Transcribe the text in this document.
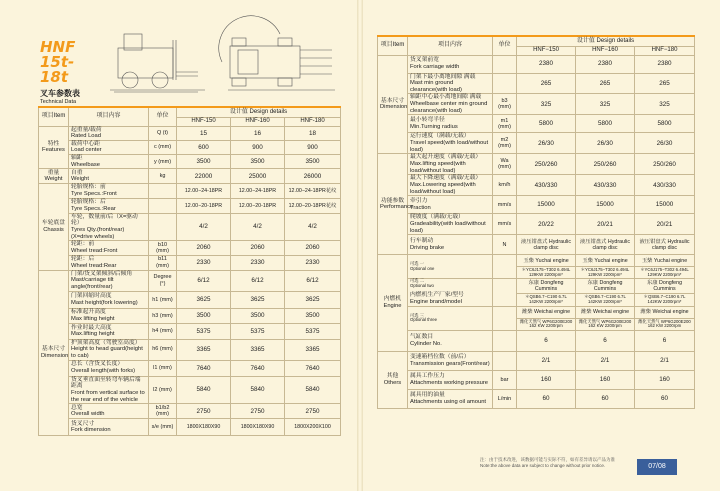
HNF
15t-18t
叉车参数表
Technical Data
项目Item	项目内容	单位	设计值 Design details		
			HNF-150	HNF-160	HNF-180
特性 Features	起重量/载荷
Rated Load	Q (t)	15	16	18

	载荷中心距
Load center	c (mm)	600	900	900

	轴距
Wheelbase	y (mm)	3500	3500	3500
重量 Weight	自重
Weight	kg	22000	25000	26000
车轮底盘 Chassis	轮胎规格：前
Tyre Specs.:Front		12.00−24-18PR	12.00−24-18PR	12.00−24-18PR花纹

	轮胎规格：后
Tyre Specs.:Rear		12.00−20-18PR	12.00−20-18PR	12.00−20-18PR花纹

	车轮，数量前/后（X=驱动轮）
Tyres Qty.(front/rear)(X=drive wheels)		4/2	4/2	4/2

	轮距：前
Wheel tread:Front	b10 (mm)	2060	2060	2060

	轮距：后
Wheel tread:Rear	b11 (mm)	2330	2330	2330
基本尺寸 Dimension	门架/货叉架倾斜/后倾角
Mast/carriage tilt angle(front/rear)	Degree (°)	6/12	6/12	6/12

	门架回缩时高度
Mast height(fork lowering)	h1 (mm)	3625	3625	3625

	标准起升高度
Max lifting height	h3 (mm)	3500	3500	3500

	作业时最大高度
Max.lifting height	h4 (mm)	5375	5375	5375

	护顶架高度（驾驶室高度）
Height to head guard(height to cab)	h6 (mm)	3365	3365	3365

	总长（含货叉长度）
Overall length(with forks)	l1 (mm)	7640	7640	7640

	货叉垂直面至转弯车辆后端距离
Front from vertical surface to the rear end of the vehicle	l2 (mm)	5840	5840	5840

	总宽
Overall width	b1/b2 (mm)	2750	2750	2750

	货叉尺寸
Fork dimension	s/e (mm)	1800X180X90	1800X180X90	1800X200X100
项目Item	项目内容	单位	设计值 Design details		
			HNF−150	HNF−160	HNF−180
基本尺寸 Dimension	货叉架前宽
Fork carriage width		2380	2380	2380

	门架下最小离地间隙 满载
Mast min ground clearance(with load)		265	265	265

	轴距中心最小离地间隙 满载
Wheelbase center min ground clearance(with load)	b3 (mm)	325	325	325

	最小转弯半径
Min.Turning radius	m1 (mm)	5800	5800	5800

	运行速度（满载/无载）
Travel speed(with load/without load)	m2 (mm)	26/30	26/30	26/30
功能参数 Performance	最大起升速度（满载/无载）
Max.lifting speed(with load/without load)	Wa (mm)	250/260	250/260	250/260

	最大下降速度（满载/无载）
Max.Lowering speed(with load/without load)	km/h	430/330	430/330	430/330

	牵引力
Traction	mm/s	15000	15000	15000

	爬坡度（满载/无载）
Gradeability(with load/without load)	mm/s	20/22	20/21	20/21

	行车制动
Driving brake	N	液压钳盘式 Hydraulic clamp disc	液压钳盘式 Hydraulic clamp disc	液压钳盘式 Hydraulic clamp disc
内燃机 Engine	可选 一
Optional one		玉柴 Yuchai engine	玉柴 Yuchai engine	玉柴 Yuchai engine

			＊YC6J175−T302 6.494L 129KW 2200rpm*	＊YC6J175−T302 6.494L 129KW 2200rpm*	＊YC6J175−T302 6.494L 129KW 2200rpm*

	可选 二
Optional two
内燃机生产厂家/型号
Engine brand/model		东康 Dongfeng Cummins	东康 Dongfeng Cummins	东康 Dongfeng Cummins

			＊QSB6.7−C190 6.7L 142KW 2200rpm*	＊QSB6.7−C190 6.7L 142KW 2200rpm*	＊QSB6.7−C190 6.7L 142KW 2200rpm*

	可选 三
Optional three		潍柴 Weichai engine	潍柴 Weichai engine	潍柴 Weichai engine

			潍化天然气 WP6G200E200 162 KW 2200rpm	潍化天然气 WP6G200E200 162 KW 2200rpm	潍化天然气 WP6G200E200 162 KW 2200rpm

	气缸数目
Cylinder No.		6	6	6
其他 Others	变速箱档位数（前/后）
Transmission gears(Front/rear)		2/1	2/1	2/1

	属具工作压力
Attachments working pressure	bar	160	160	160

	属具用的油量
Attachments using oil amount	L/min	60	60	60
注：由于技术改进，该数据可能与实际不符，如有差异请以产品为准
Note:the above data are subject to change without prior notice.	07/08
